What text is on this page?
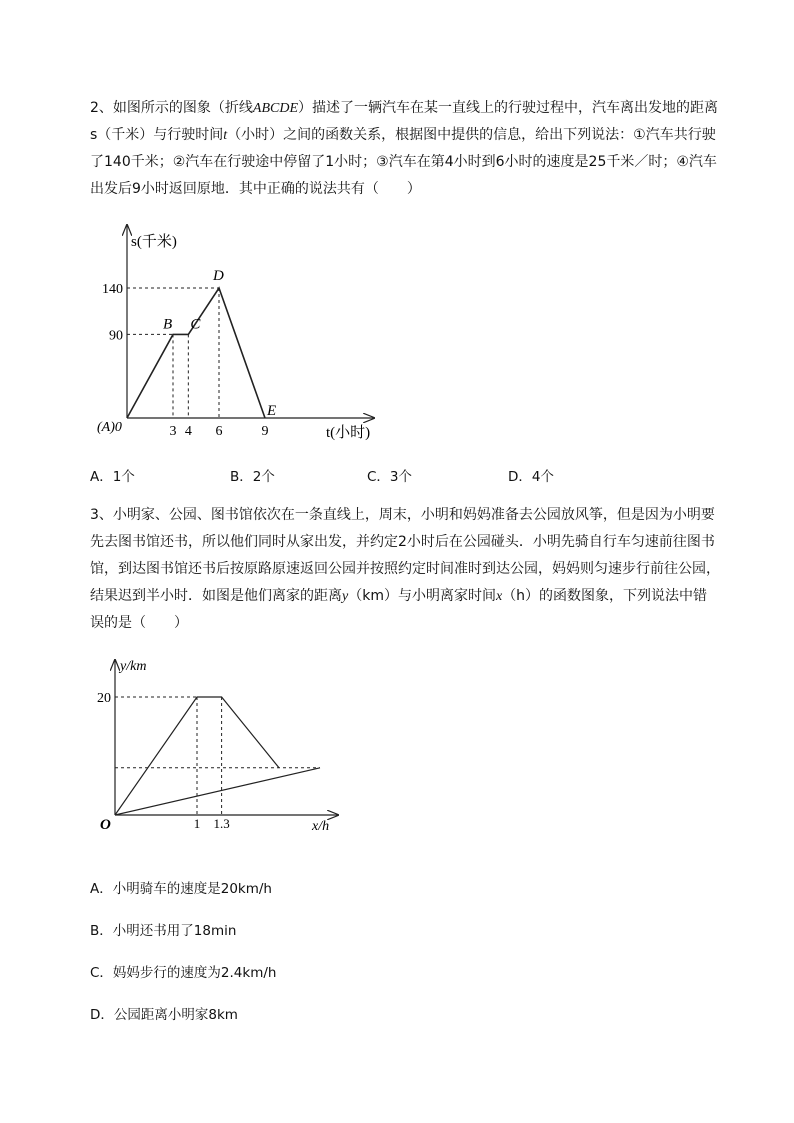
2、如图所示的图象（折线ABCDE）描述了一辆汽车在某一直线上的行驶过程中，汽车离出发地的距离 s（千米）与行驶时间t（小时）之间的函数关系，根据图中提供的信息，给出下列说法：①汽车共行驶了140千米；②汽车在行驶途中停留了1小时；③汽车在第4小时到6小时的速度是25千米／时；④汽车出发后9小时返回原地．其中正确的说法共有（　　）
s(千米)
t(小时)
(A)0	3 4 6	9
90
140
B C
D
E
A．1个	B．2个	C．3个	D．4个
3、小明家、公园、图书馆依次在一条直线上，周末，小明和妈妈准备去公园放风筝，但是因为小明要先去图书馆还书，所以他们同时从家出发，并约定2小时后在公园碰头．小明先骑自行车匀速前往图书馆，到达图书馆还书后按原路原速返回公园并按照约定时间准时到达公园，妈妈则匀速步行前往公园，结果迟到半小时．如图是他们离家的距离y（km）与小明离家时间x（h）的函数图象，下列说法中错误的是（　　）
y/km
x/h
O	1 1.3
20
A．小明骑车的速度是20km/h
B．小明还书用了18min
C．妈妈步行的速度为2.4km/h
D．公园距离小明家8km
